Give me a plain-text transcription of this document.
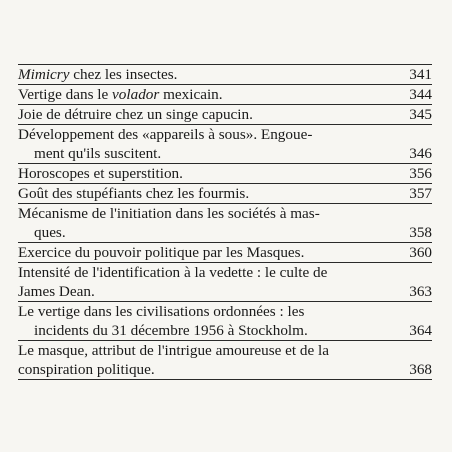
Mimicry chez les insectes.	341
Vertige dans le volador mexicain.	344
Joie de détruire chez un singe capucin.	345
Développement des «appareils à sous». Engoue-
ment qu'ils suscitent.	346
Horoscopes et superstition.	356
Goût des stupéfiants chez les fourmis.	357
Mécanisme de l'initiation dans les sociétés à mas-
ques.	358
Exercice du pouvoir politique par les Masques.	360
Intensité de l'identification à la vedette : le culte de
James Dean.	363
Le vertige dans les civilisations ordonnées : les
incidents du 31 décembre 1956 à Stockholm.	364
Le masque, attribut de l'intrigue amoureuse et de la
conspiration politique.	368
